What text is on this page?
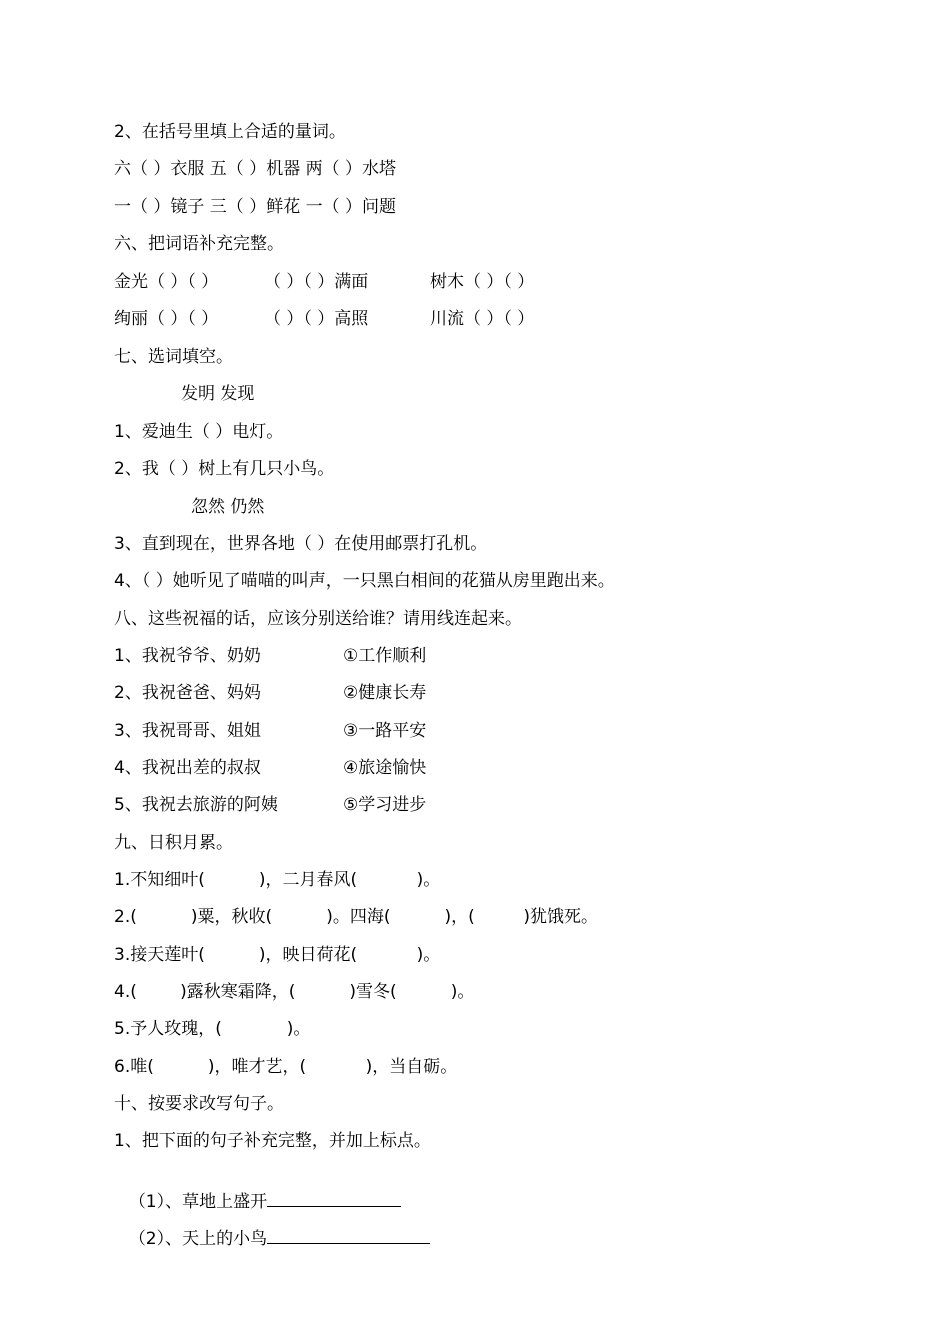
2、在括号里填上合适的量词。
六（ ）衣服 五（ ）机器 两（ ）水塔
一（ ）镜子 三（ ）鲜花 一（ ）问题
六、把词语补充完整。
金光（ ）（ ）	（ ）（ ）满面	树木（ ）（ ）
绚丽（ ）（ ）	（ ）（ ）高照	川流（ ）（ ）
七、选词填空。
发明 发现
1、爱迪生（ ）电灯。
2、我（ ）树上有几只小鸟。
忽然 仍然
3、直到现在，世界各地（ ）在使用邮票打孔机。
4、（ ）她听见了喵喵的叫声，一只黑白相间的花猫从房里跑出来。
八、这些祝福的话，应该分别送给谁？请用线连起来。
1、我祝爷爷、奶奶	①工作顺利
2、我祝爸爸、妈妈	②健康长寿
3、我祝哥哥、姐姐	③一路平安
4、我祝出差的叔叔	④旅途愉快
5、我祝去旅游的阿姨	⑤学习进步
九、日积月累。
1.不知细叶(          )，二月春风(           )。
2.(          )粟，秋收(          )。四海(          )，(         )犹饿死。
3.接天莲叶(          )，映日荷花(           )。
4.(        )露秋寒霜降，(          )雪冬(          )。
5.予人玫瑰，(            )。
6.唯(          )，唯才艺，(           )，当自砺。
十、按要求改写句子。
1、把下面的句子补充完整，并加上标点。

（1）、草地上盛开

（2）、天上的小鸟
